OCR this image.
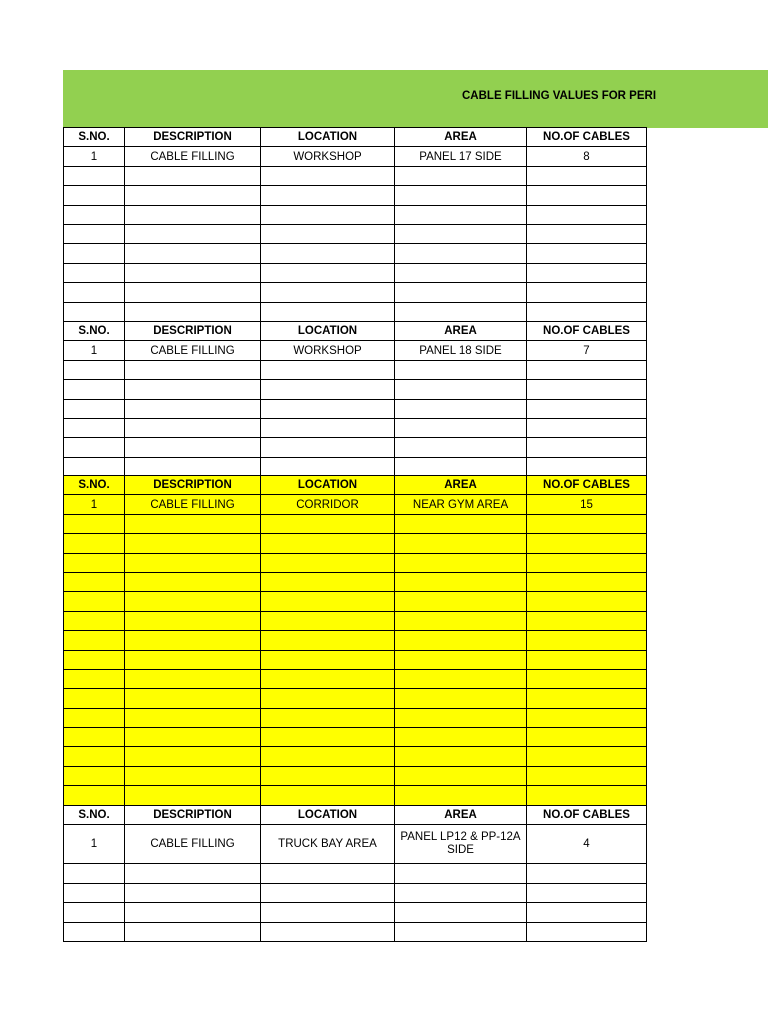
CABLE FILLING VALUES FOR PERI
S.NO.	DESCRIPTION	LOCATION	AREA	NO.OF CABLES
1	CABLE FILLING	WORKSHOP	PANEL 17 SIDE	8

S.NO.	DESCRIPTION	LOCATION	AREA	NO.OF CABLES
1	CABLE FILLING	WORKSHOP	PANEL 18 SIDE	7

S.NO.	DESCRIPTION	LOCATION	AREA	NO.OF CABLES
1	CABLE FILLING	CORRIDOR	NEAR GYM AREA	15

S.NO.	DESCRIPTION	LOCATION	AREA	NO.OF CABLES
1	CABLE FILLING	TRUCK BAY AREA	PANEL LP12 & PP-12A SIDE	4
